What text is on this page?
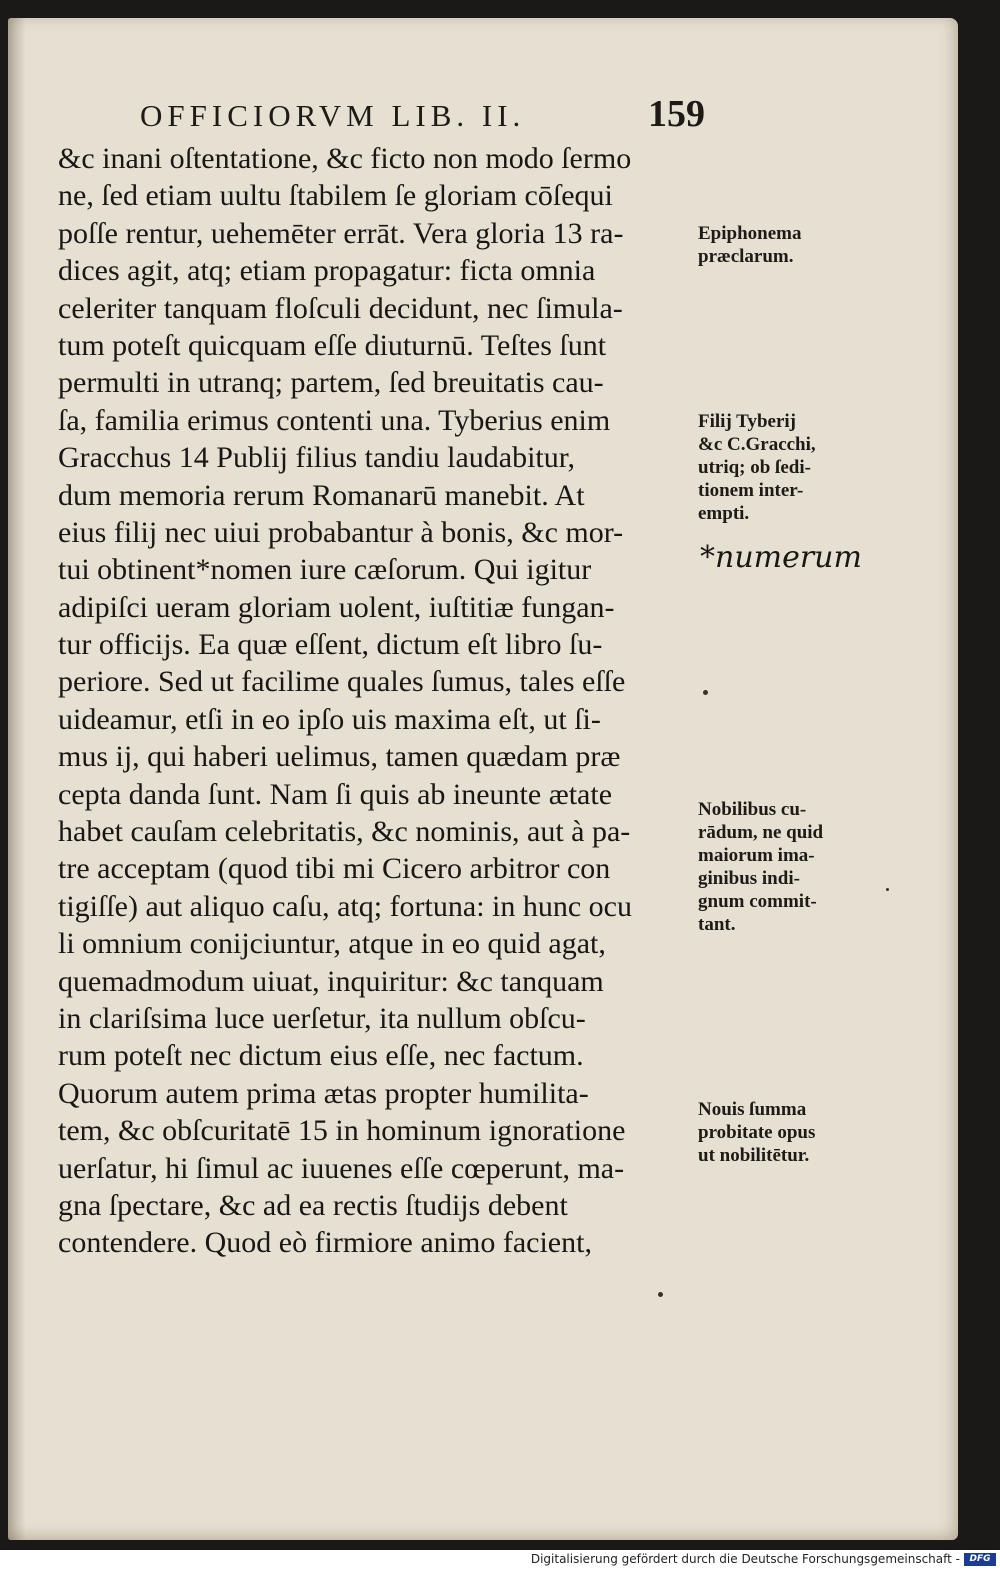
OFFICIORVM LIB. II.	159
&c inani oſtentatione, &c ficto non modo ſermo
ne, ſed etiam uultu ſtabilem ſe gloriam cōſequi
poſſe rentur, uehemēter errāt. Vera gloria 13 ra-
dices agit, atq; etiam propagatur: ficta omnia
celeriter tanquam floſculi decidunt, nec ſimula-
tum poteſt quicquam eſſe diuturnū. Teſtes ſunt
permulti in utranq; partem, ſed breuitatis cau-
ſa, familia erimus contenti una. Tyberius enim
Gracchus 14 Publij filius tandiu laudabitur,
dum memoria rerum Romanarū manebit. At
eius filij nec uiui probabantur à bonis, &c mor-
tui obtinent*nomen iure cæſorum. Qui igitur
adipiſci ueram gloriam uolent, iuſtitiæ fungan-
tur officijs. Ea quæ eſſent, dictum eſt libro ſu-
periore. Sed ut facilime quales ſumus, tales eſſe
uideamur, etſi in eo ipſo uis maxima eſt, ut ſi-
mus ij, qui haberi uelimus, tamen quædam præ
cepta danda ſunt. Nam ſi quis ab ineunte ætate
habet cauſam celebritatis, &c nominis, aut à pa-
tre acceptam (quod tibi mi Cicero arbitror con
tigiſſe) aut aliquo caſu, atq; fortuna: in hunc ocu
li omnium conijciuntur, atque in eo quid agat,
quemadmodum uiuat, inquiritur: &c tanquam
in clariſsima luce uerſetur, ita nullum obſcu-
rum poteſt nec dictum eius eſſe, nec factum.
Quorum autem prima ætas propter humilita-
tem, &c obſcuritatē 15 in hominum ignoratione
uerſatur, hi ſimul ac iuuenes eſſe cœperunt, ma-
gna ſpectare, &c ad ea rectis ſtudijs debent
contendere. Quod eò firmiore animo facient,
Epiphonema
præclarum.
Filij Tyberij
&c C.Gracchi,
utriq; ob ſedi-
tionem inter-
empti.
*numerum
Nobilibus cu-
rādum, ne quid
maiorum ima-
ginibus indi-
gnum commit-
tant.
Nouis ſumma
probitate opus
ut nobilitētur.
Digitalisierung gefördert durch die Deutsche Forschungsgemeinschaft -	DFG
